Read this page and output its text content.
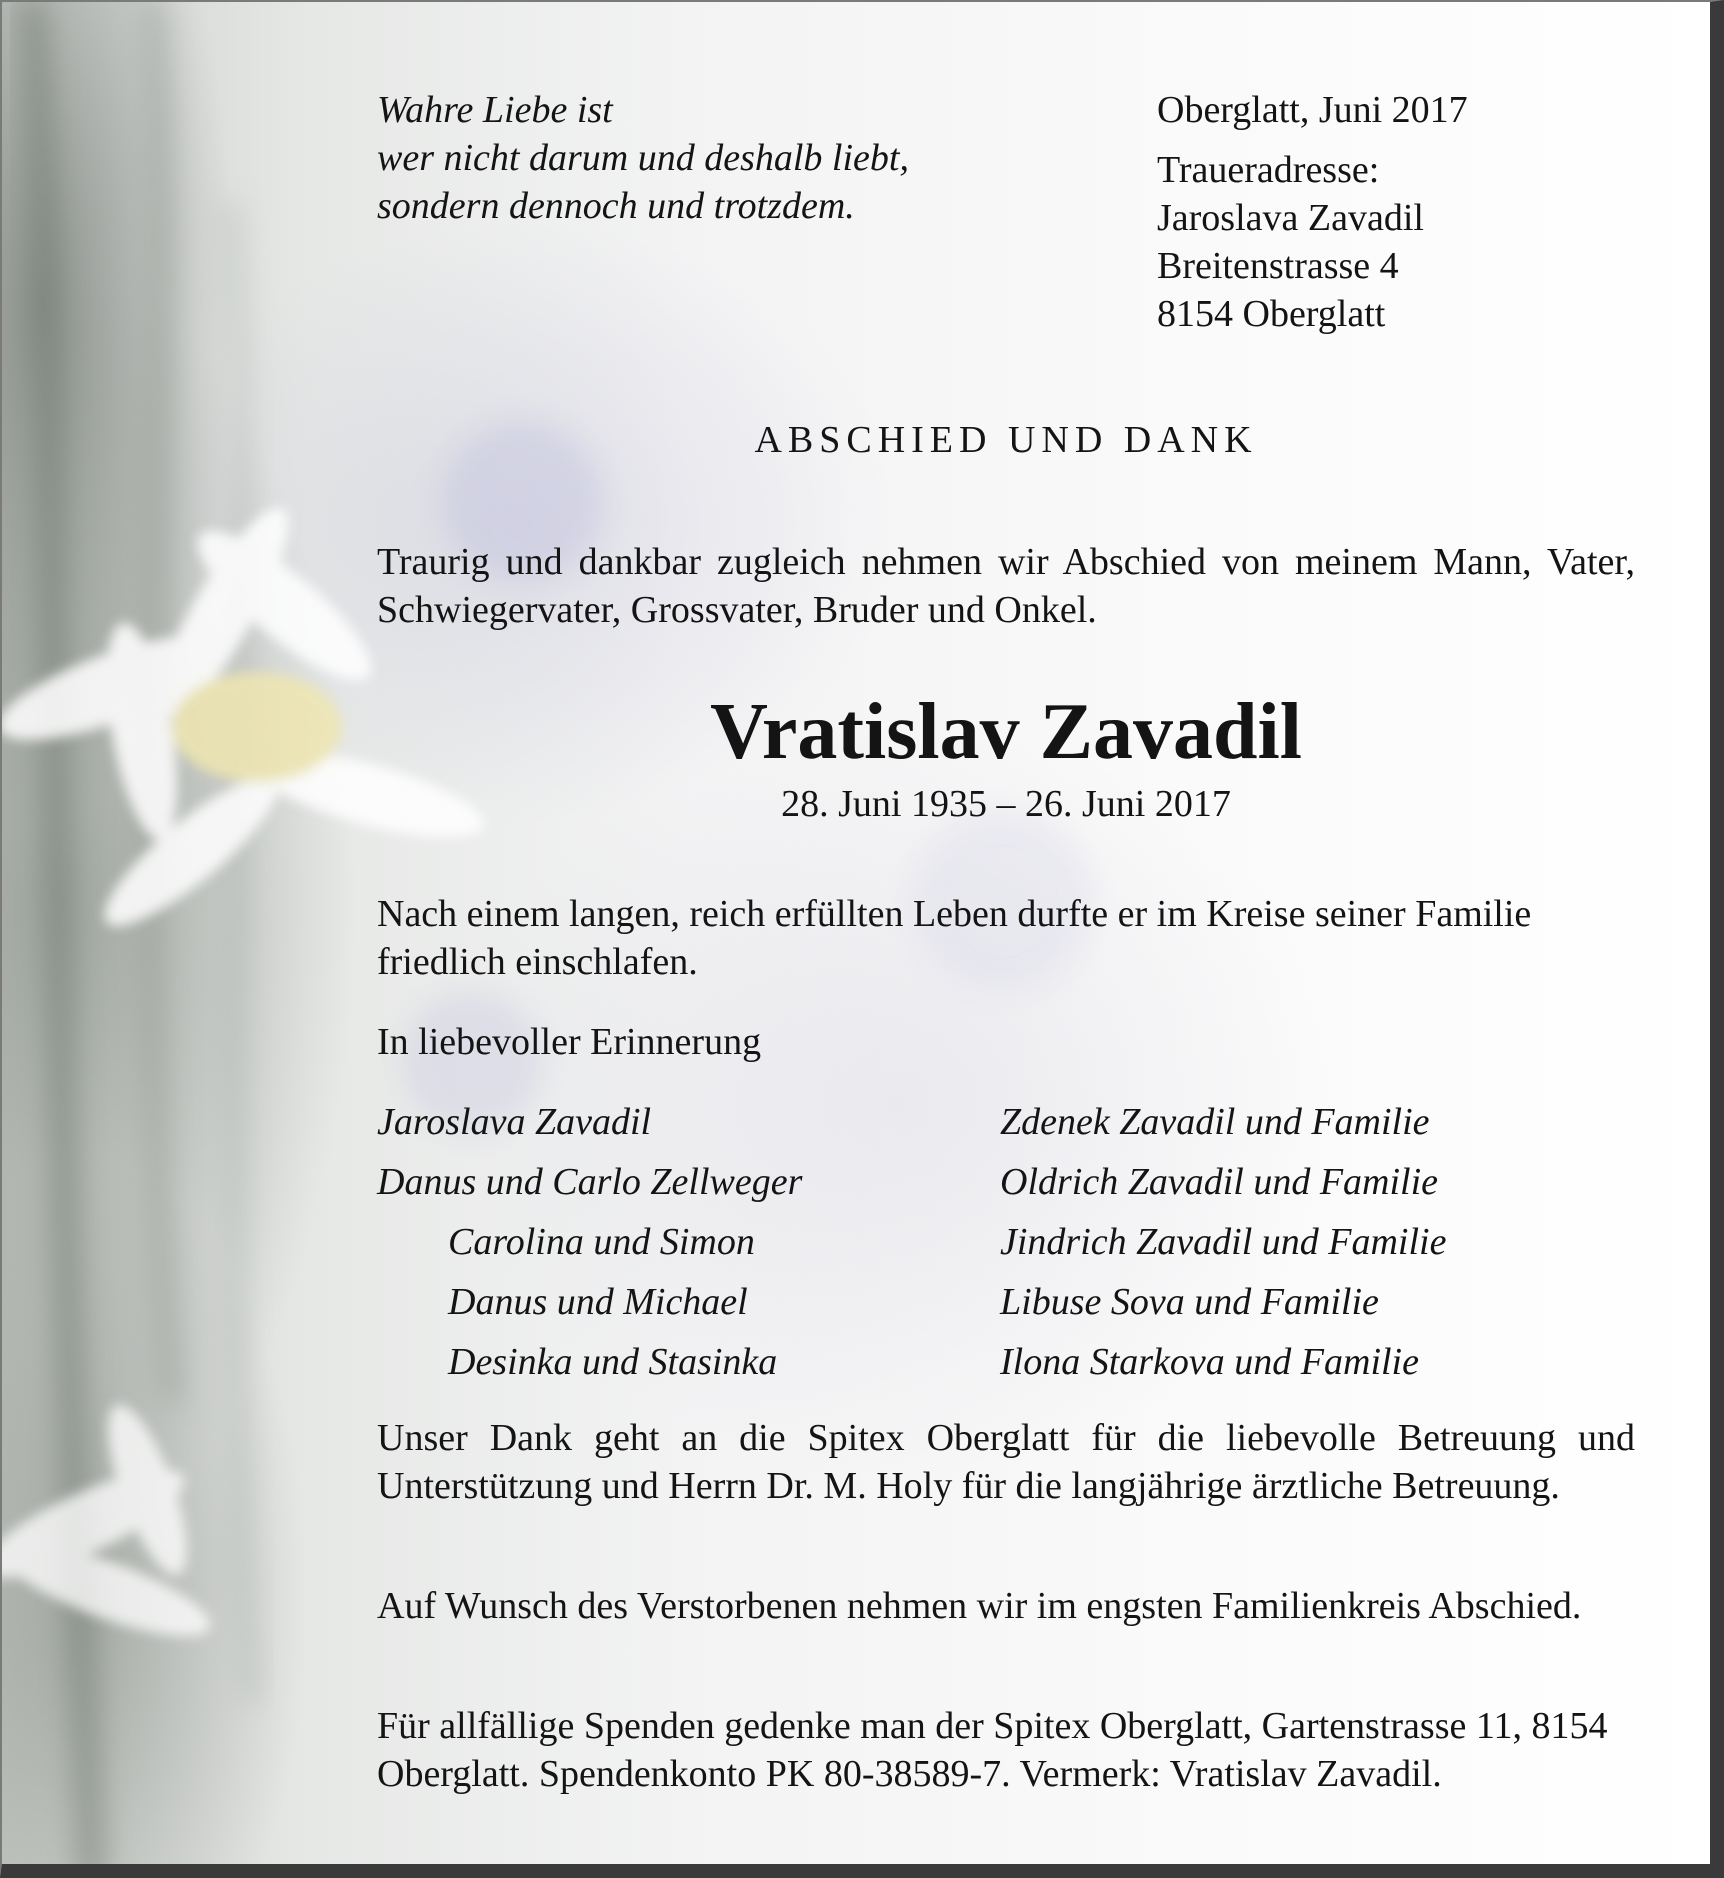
Wahre Liebe ist
wer nicht darum und deshalb liebt,
sondern dennoch und trotzdem.
Oberglatt, Juni 2017
Traueradresse:
Jaroslava Zavadil
Breitenstrasse 4
8154 Oberglatt
ABSCHIED UND DANK
Traurig und dankbar zugleich nehmen wir Abschied von meinem Mann, Vater, Schwiegervater, Grossvater, Bruder und Onkel.
Vratislav Zavadil
28. Juni 1935 – 26. Juni 2017
Nach einem langen, reich erfüllten Leben durfte er im Kreise seiner Familie friedlich einschlafen.
In liebevoller Erinnerung
Jaroslava Zavadil
Danus und Carlo Zellweger
Carolina und Simon
Danus und Michael
Desinka und Stasinka
Zdenek Zavadil und Familie
Oldrich Zavadil und Familie
Jindrich Zavadil und Familie
Libuse Sova und Familie
Ilona Starkova und Familie
Unser Dank geht an die Spitex Oberglatt für die liebevolle Betreuung und Unterstützung und Herrn Dr. M. Holy für die langjährige ärztliche Betreuung.
Auf Wunsch des Verstorbenen nehmen wir im engsten Familienkreis Abschied.
Für allfällige Spenden gedenke man der Spitex Oberglatt, Gartenstrasse 11, 8154 Oberglatt. Spendenkonto PK 80-38589-7. Vermerk: Vratislav Zavadil.
